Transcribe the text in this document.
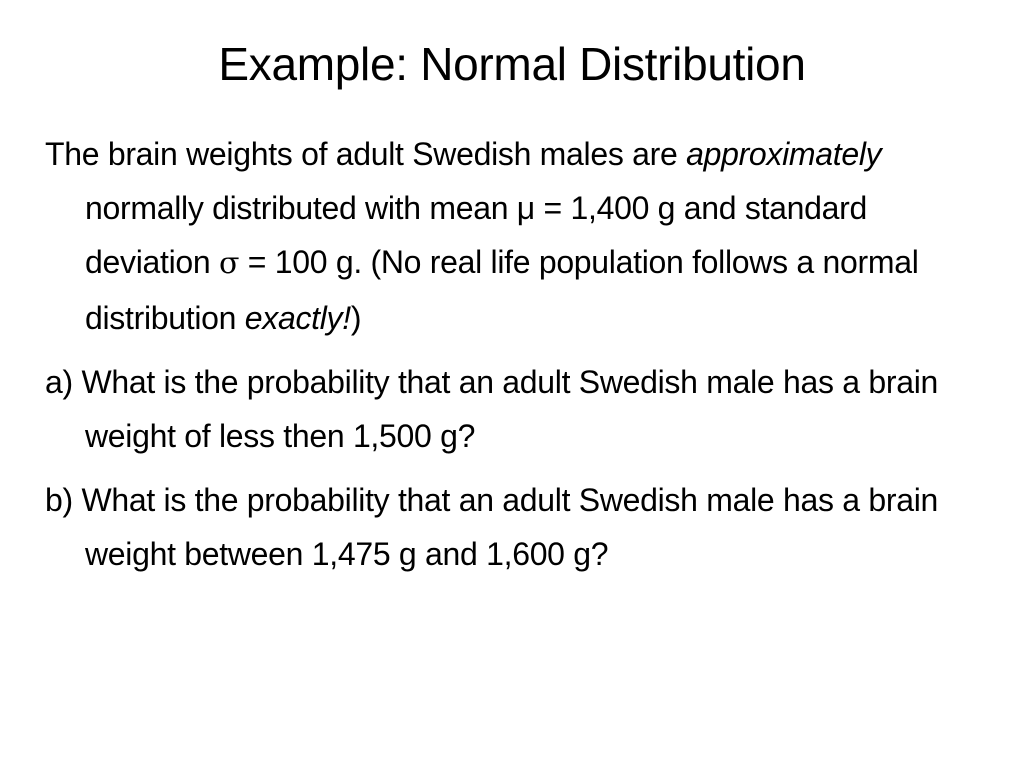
Example: Normal Distribution

The brain weights of adult Swedish males are approximately normally distributed with mean μ = 1,400 g and standard deviation σ = 100 g. (No real life population follows a normal distribution exactly!)

a) What is the probability that an adult Swedish male has a brain weight of less then 1,500 g?

b) What is the probability that an adult Swedish male has a brain weight between 1,475 g and 1,600 g?
